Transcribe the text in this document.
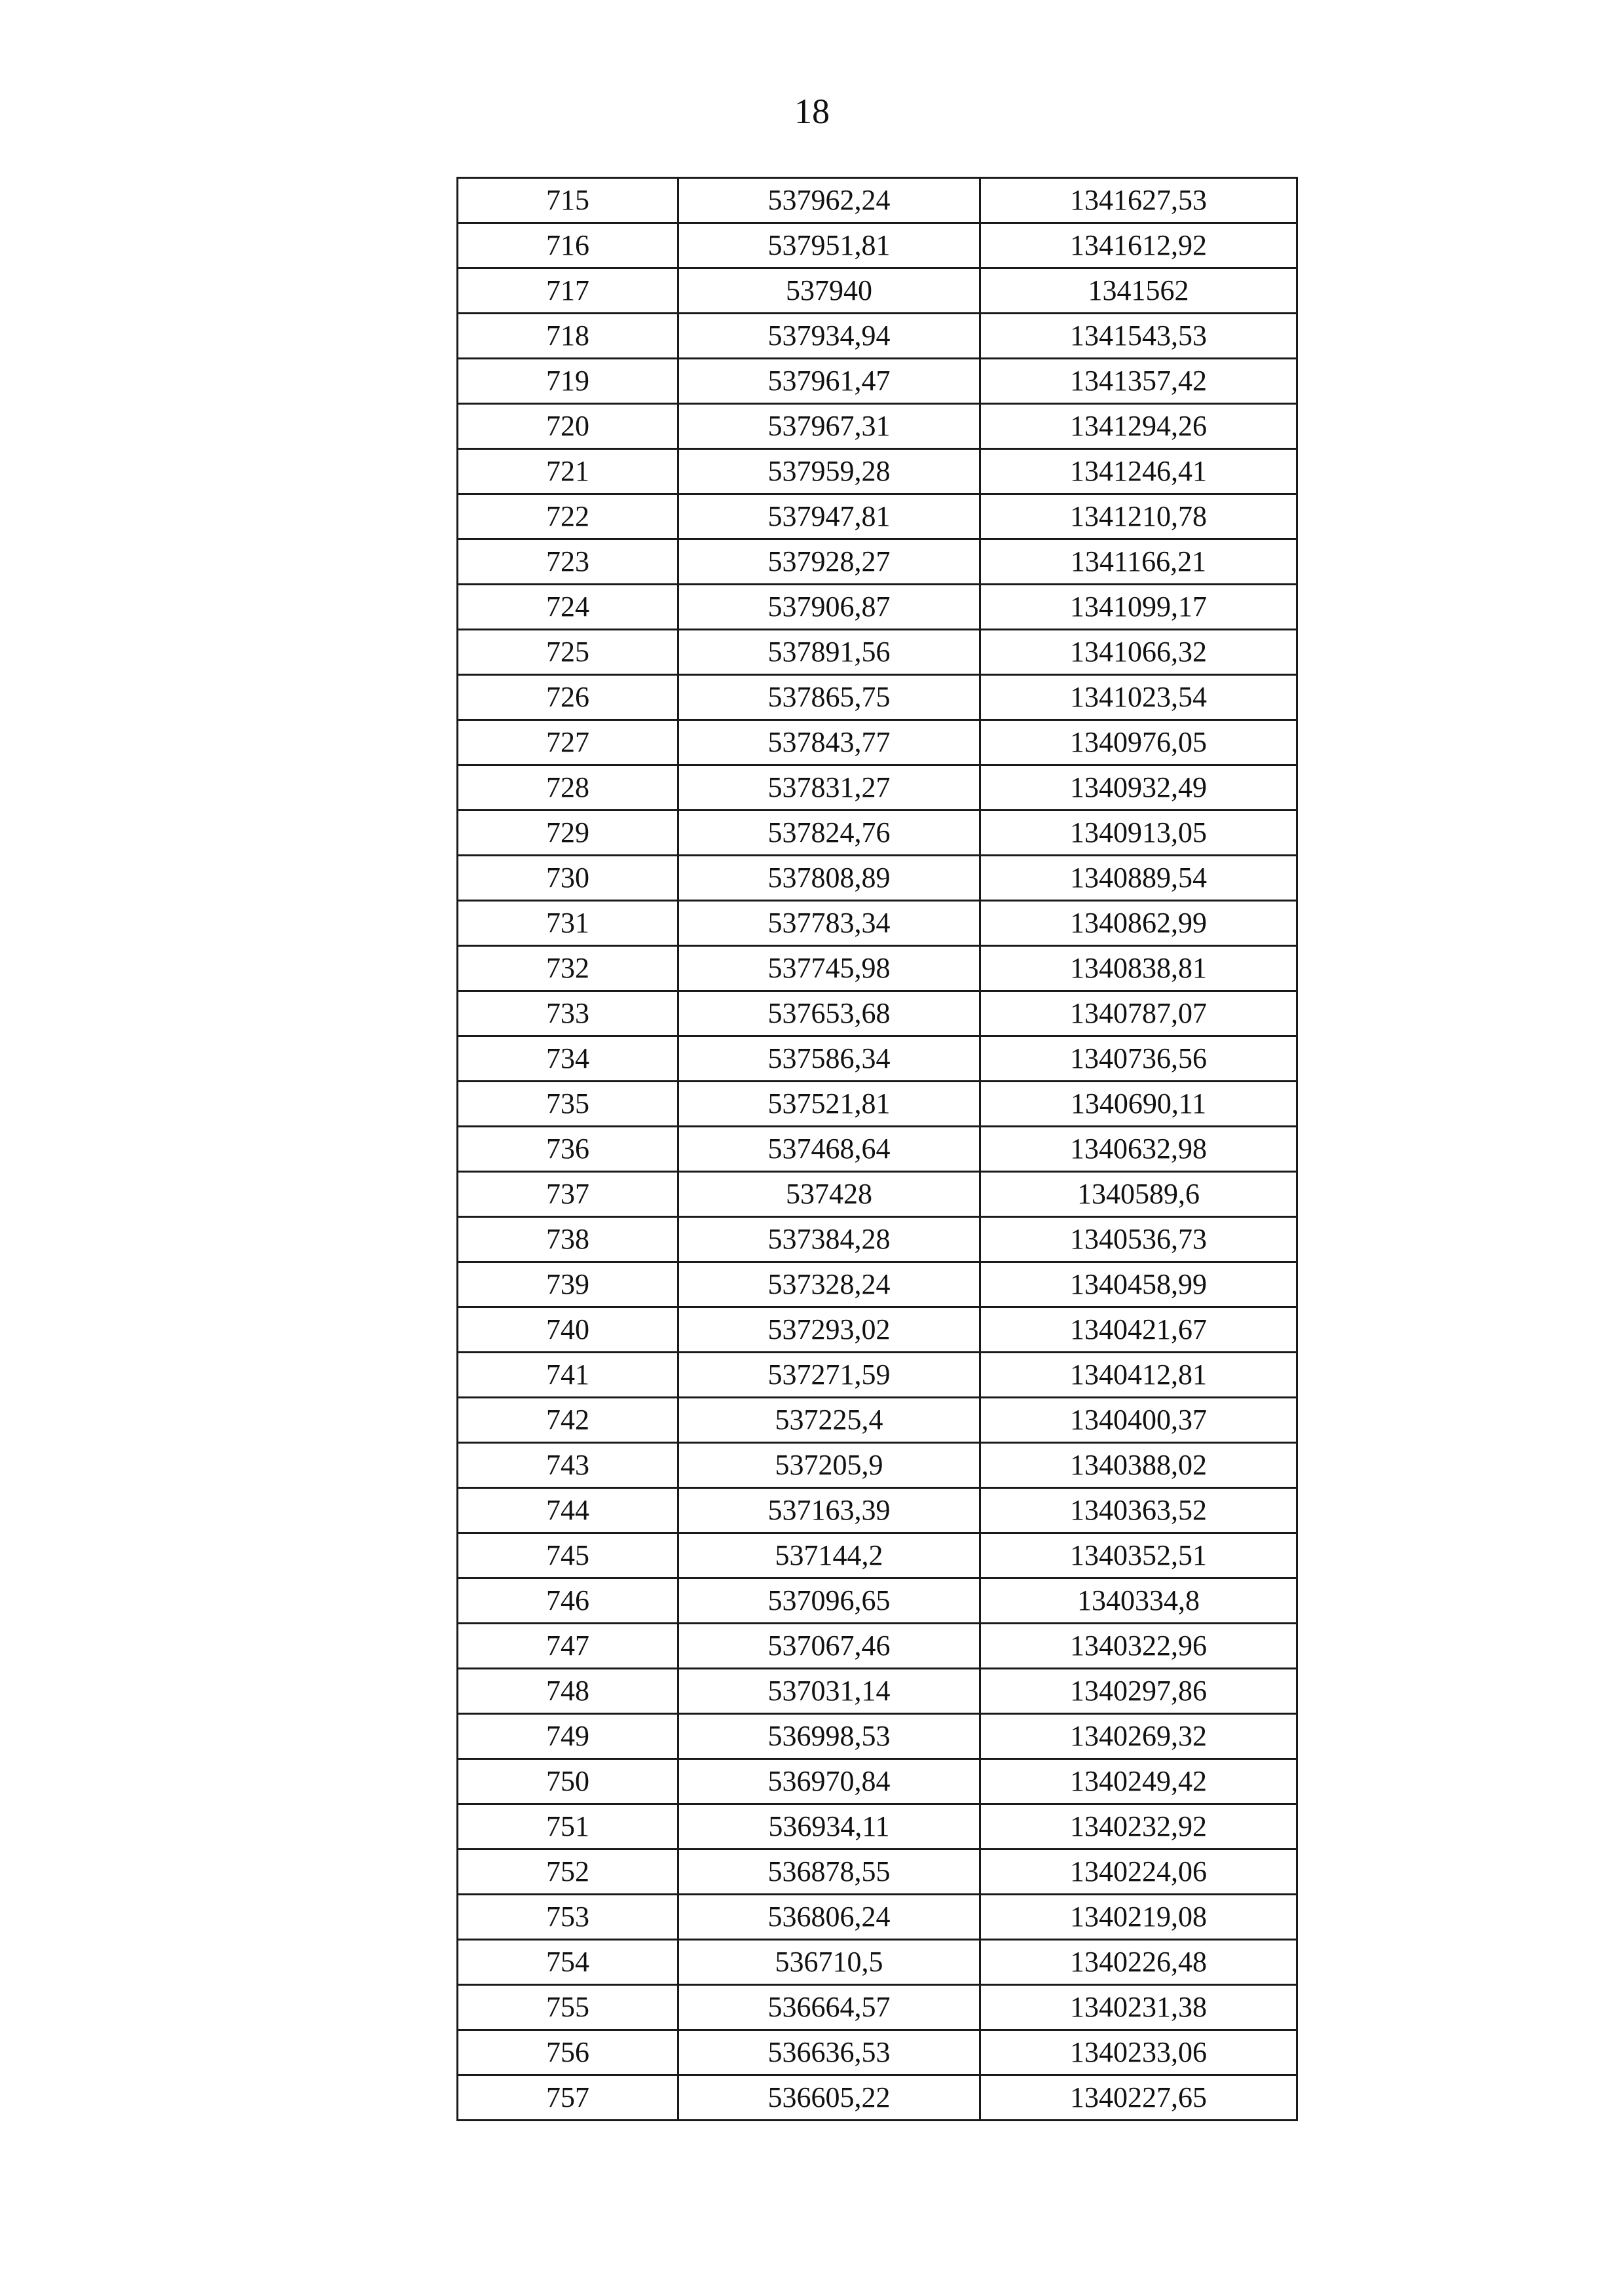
18
715	537962,24	1341627,53
716	537951,81	1341612,92
717	537940	1341562
718	537934,94	1341543,53
719	537961,47	1341357,42
720	537967,31	1341294,26
721	537959,28	1341246,41
722	537947,81	1341210,78
723	537928,27	1341166,21
724	537906,87	1341099,17
725	537891,56	1341066,32
726	537865,75	1341023,54
727	537843,77	1340976,05
728	537831,27	1340932,49
729	537824,76	1340913,05
730	537808,89	1340889,54
731	537783,34	1340862,99
732	537745,98	1340838,81
733	537653,68	1340787,07
734	537586,34	1340736,56
735	537521,81	1340690,11
736	537468,64	1340632,98
737	537428	1340589,6
738	537384,28	1340536,73
739	537328,24	1340458,99
740	537293,02	1340421,67
741	537271,59	1340412,81
742	537225,4	1340400,37
743	537205,9	1340388,02
744	537163,39	1340363,52
745	537144,2	1340352,51
746	537096,65	1340334,8
747	537067,46	1340322,96
748	537031,14	1340297,86
749	536998,53	1340269,32
750	536970,84	1340249,42
751	536934,11	1340232,92
752	536878,55	1340224,06
753	536806,24	1340219,08
754	536710,5	1340226,48
755	536664,57	1340231,38
756	536636,53	1340233,06
757	536605,22	1340227,65
